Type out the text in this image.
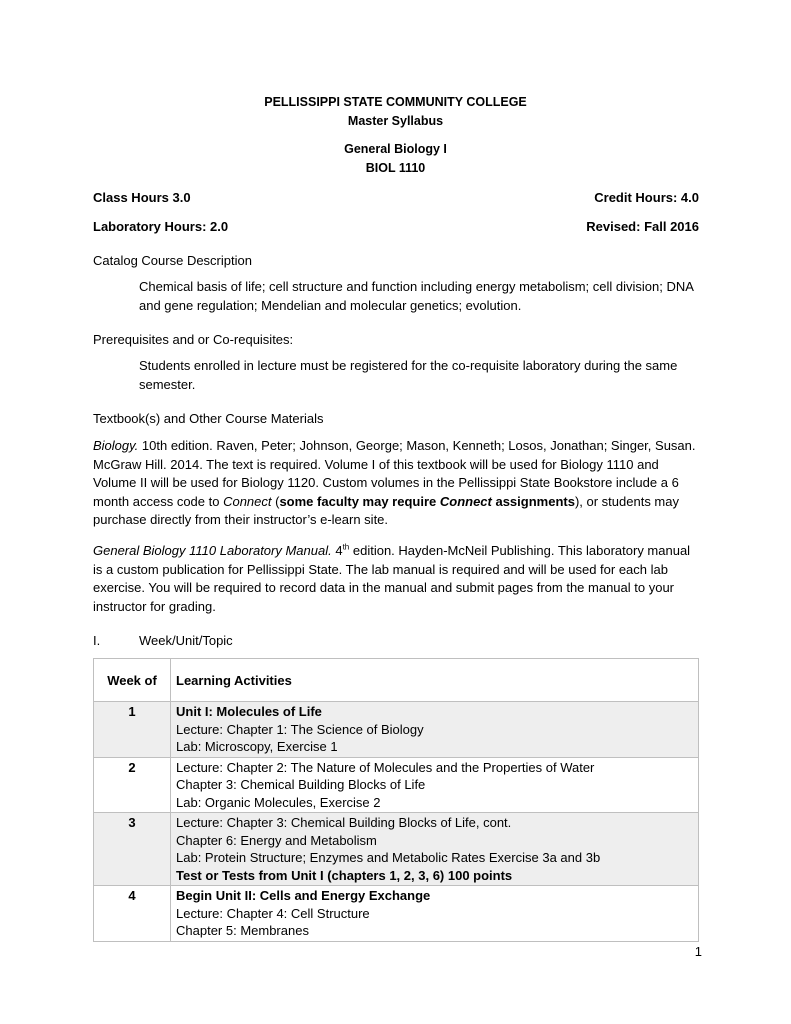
PELLISSIPPI STATE COMMUNITY COLLEGE
Master Syllabus
General Biology I
BIOL 1110
Class Hours 3.0	Credit Hours: 4.0
Laboratory Hours: 2.0	Revised: Fall 2016
Catalog Course Description
Chemical basis of life; cell structure and function including energy metabolism; cell division; DNA
and gene regulation; Mendelian and molecular genetics; evolution.
Prerequisites and or Co-requisites:
Students enrolled in lecture must be registered for the co-requisite laboratory during the same
semester.
Textbook(s) and Other Course Materials
Biology. 10th edition. Raven, Peter; Johnson, George; Mason, Kenneth; Losos, Jonathan; Singer, Susan.
McGraw Hill. 2014. The text is required. Volume I of this textbook will be used for Biology 1110 and
Volume II will be used for Biology 1120. Custom volumes in the Pellissippi State Bookstore include a 6
month access code to Connect (some faculty may require Connect assignments), or students may
purchase directly from their instructor’s e-learn site.
General Biology 1110 Laboratory Manual. 4th edition. Hayden-McNeil Publishing. This laboratory manual
is a custom publication for Pellissippi State. The lab manual is required and will be used for each lab
exercise. You will be required to record data in the manual and submit pages from the manual to your
instructor for grading.
I.	Week/Unit/Topic
Week of	Learning Activities

1	Unit I: Molecules of Life
Lecture: Chapter 1: The Science of Biology
Lab: Microscopy, Exercise 1

2	Lecture: Chapter 2: The Nature of Molecules and the Properties of Water
Chapter 3: Chemical Building Blocks of Life
Lab: Organic Molecules, Exercise 2

3	Lecture: Chapter 3: Chemical Building Blocks of Life, cont.
Chapter 6: Energy and Metabolism
Lab: Protein Structure; Enzymes and Metabolic Rates Exercise 3a and 3b
Test or Tests from Unit I (chapters 1, 2, 3, 6) 100 points

4	Begin Unit II: Cells and Energy Exchange
Lecture: Chapter 4: Cell Structure
Chapter 5: Membranes
1
